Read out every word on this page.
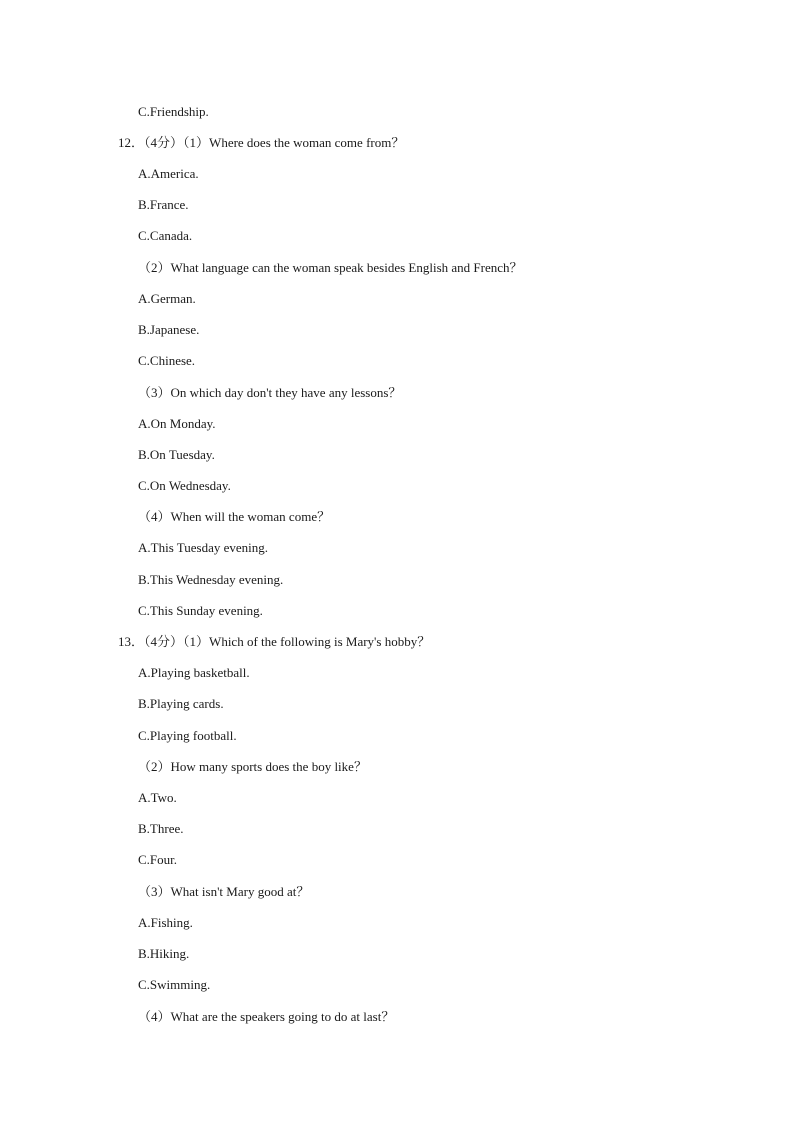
C.Friendship.
12．（4分）（1）Where does the woman come from？
A.America.
B.France.
C.Canada.
（2）What language can the woman speak besides English and French？
A.German.
B.Japanese.
C.Chinese.
（3）On which day don't they have any lessons？
A.On Monday.
B.On Tuesday.
C.On Wednesday.
（4）When will the woman come？
A.This Tuesday evening.
B.This Wednesday evening.
C.This Sunday evening.
13．（4分）（1）Which of the following is Mary's hobby？
A.Playing basketball.
B.Playing cards.
C.Playing football.
（2）How many sports does the boy like？
A.Two.
B.Three.
C.Four.
（3）What isn't Mary good at？
A.Fishing.
B.Hiking.
C.Swimming.
（4）What are the speakers going to do at last？
